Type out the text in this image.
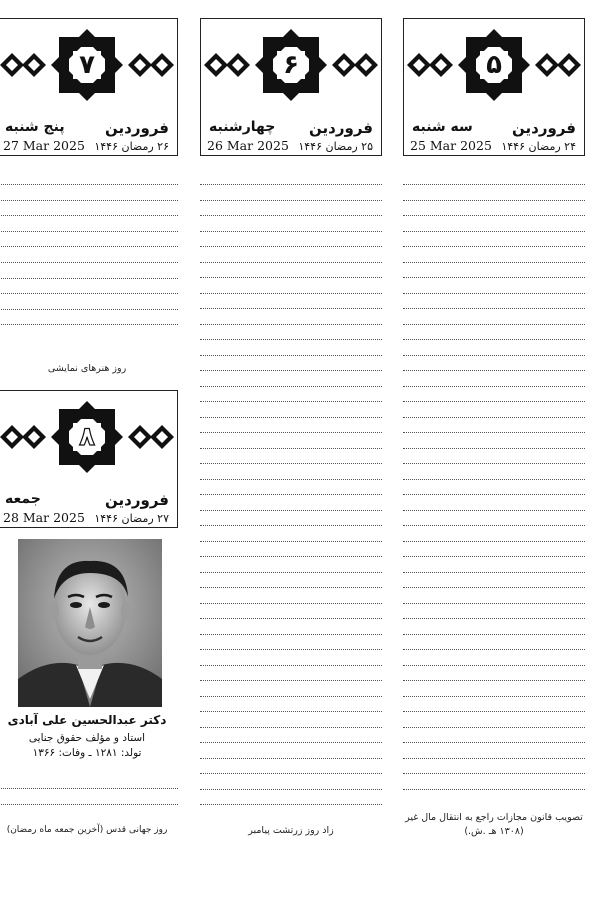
۵
فروردین
سه شنبه
۲۴ رمضان ۱۴۴۶
25 Mar 2025
۶
فروردین
چهارشنبه
۲۵ رمضان ۱۴۴۶
26 Mar 2025
۷
فروردین
پنج شنبه
۲۶ رمضان ۱۴۴۶
27 Mar 2025
۸
فروردین
جمعه
۲۷ رمضان ۱۴۴۶
28 Mar 2025
روز هنرهای نمایشی
زاد روز زرتشت پیامبر
روز جهانی قدس (آخرین جمعه ماه رمضان)
تصویب قانون مجازات راجع به انتقال مال غیر
(۱۳۰۸ هـ .ش.)
دکتر عبدالحسین علی آبادی
استاد و مؤلف حقوق جنایی
تولد: ۱۲۸۱ ـ وفات: ۱۳۶۶
